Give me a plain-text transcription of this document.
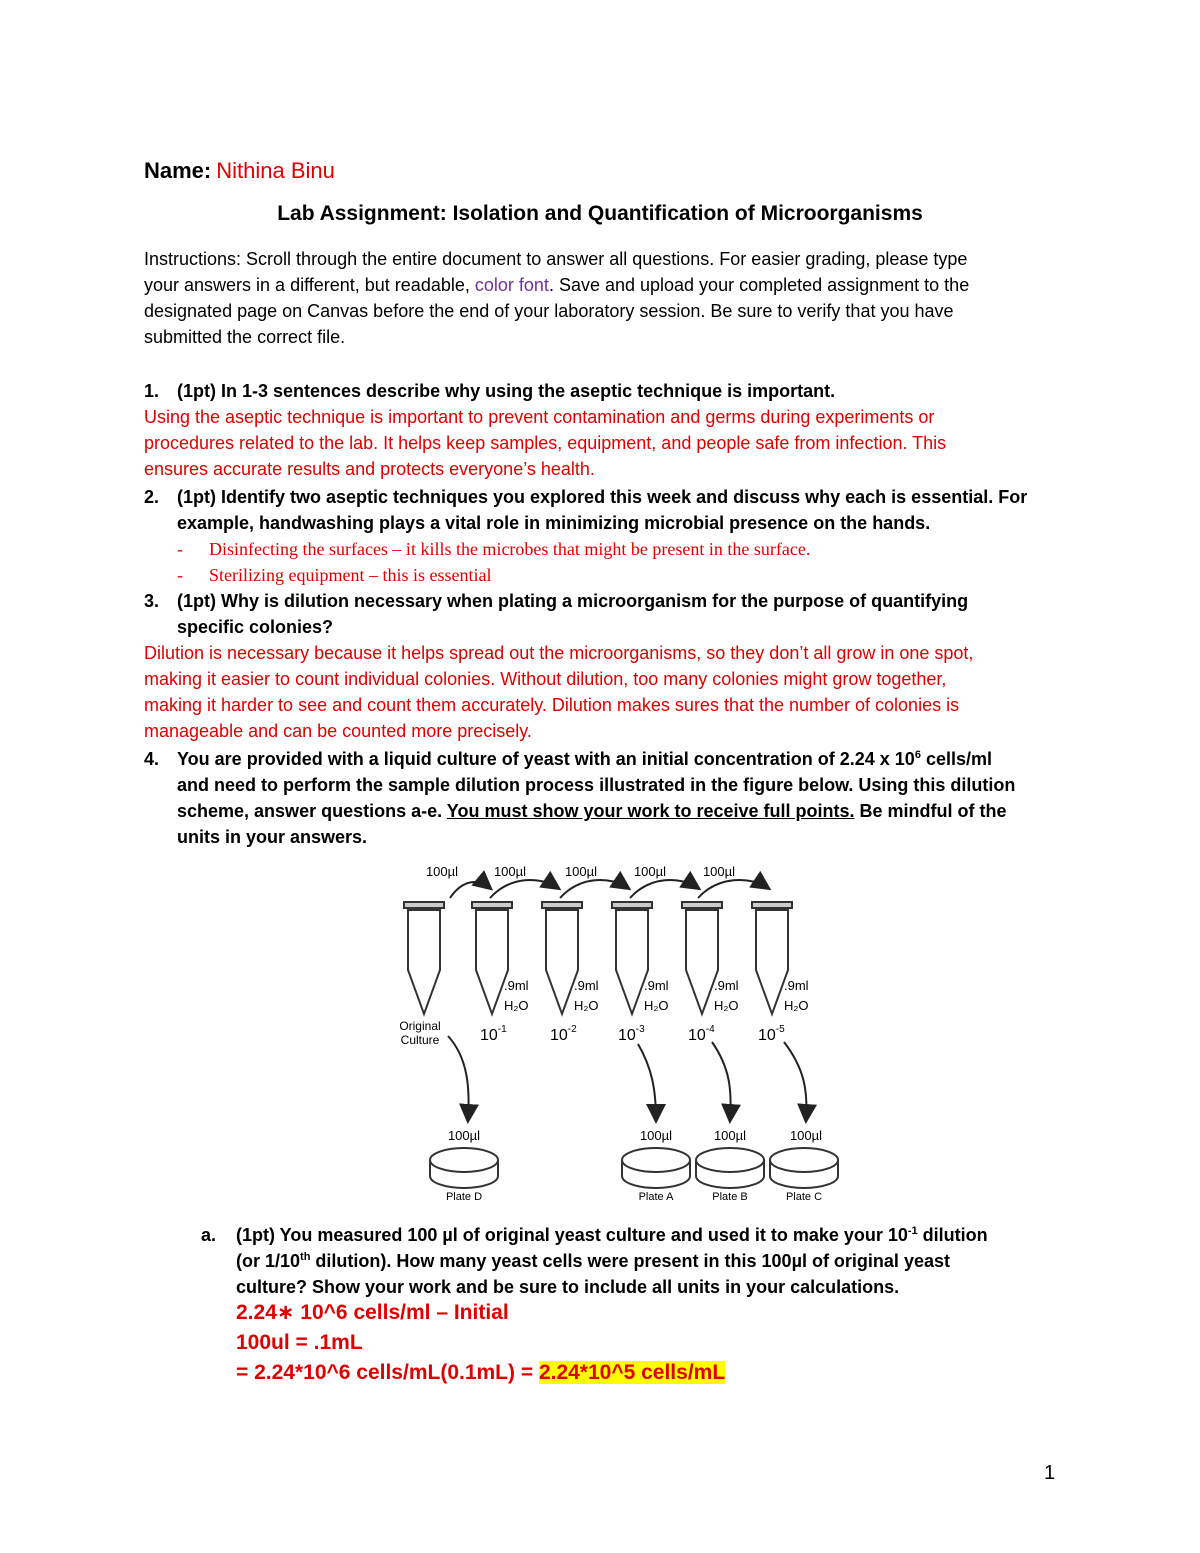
Name: Nithina Binu
Lab Assignment: Isolation and Quantification of Microorganisms
Instructions: Scroll through the entire document to answer all questions. For easier grading, please type
your answers in a different, but readable, color font. Save and upload your completed assignment to the
designated page on Canvas before the end of your laboratory session. Be sure to verify that you have
submitted the correct file.
1. (1pt) In 1-3 sentences describe why using the aseptic technique is important.
Using the aseptic technique is important to prevent contamination and germs during experiments or
procedures related to the lab. It helps keep samples, equipment, and people safe from infection. This
ensures accurate results and protects everyone’s health.
2. (1pt) Identify two aseptic techniques you explored this week and discuss why each is essential. For
example, handwashing plays a vital role in minimizing microbial presence on the hands.
- Disinfecting the surfaces – it kills the microbes that might be present in the surface.
- Sterilizing equipment – this is essential
3. (1pt) Why is dilution necessary when plating a microorganism for the purpose of quantifying
specific colonies?
Dilution is necessary because it helps spread out the microorganisms, so they don’t all grow in one spot,
making it easier to count individual colonies. Without dilution, too many colonies might grow together,
making it harder to see and count them accurately. Dilution makes sures that the number of colonies is
manageable and can be counted more precisely.
4. You are provided with a liquid culture of yeast with an initial concentration of 2.24 x $10^6$ cells/ml
and need to perform the sample dilution process illustrated in the figure below. Using this dilution
scheme, answer questions a-e. You must show your work to receive full points. Be mindful of the
units in your answers.
100µl	100µl	100µl	100µl	100µl
.9ml
H₂O
.9ml
H₂O
.9ml
H₂O
.9ml
H₂O
.9ml
H₂O
Original
Culture	$10^{-1}$	$10^{-2}$	$10^{-3}$	$10^{-4}$	$10^{-5}$
100µl	100µl	100µl	100µl
Plate D	Plate A	Plate B	Plate C
a. (1pt) You measured 100 µl of original yeast culture and used it to make your $10^{-1}$ dilution
(or 1/10th dilution). How many yeast cells were present in this 100µl of original yeast
culture? Show your work and be sure to include all units in your calculations.
2.24∗ 10^6 cells/ml – Initial
100ul = .1mL
= 2.24*10^6 cells/mL(0.1mL) = 2.24*10^5 cells/mL
1
